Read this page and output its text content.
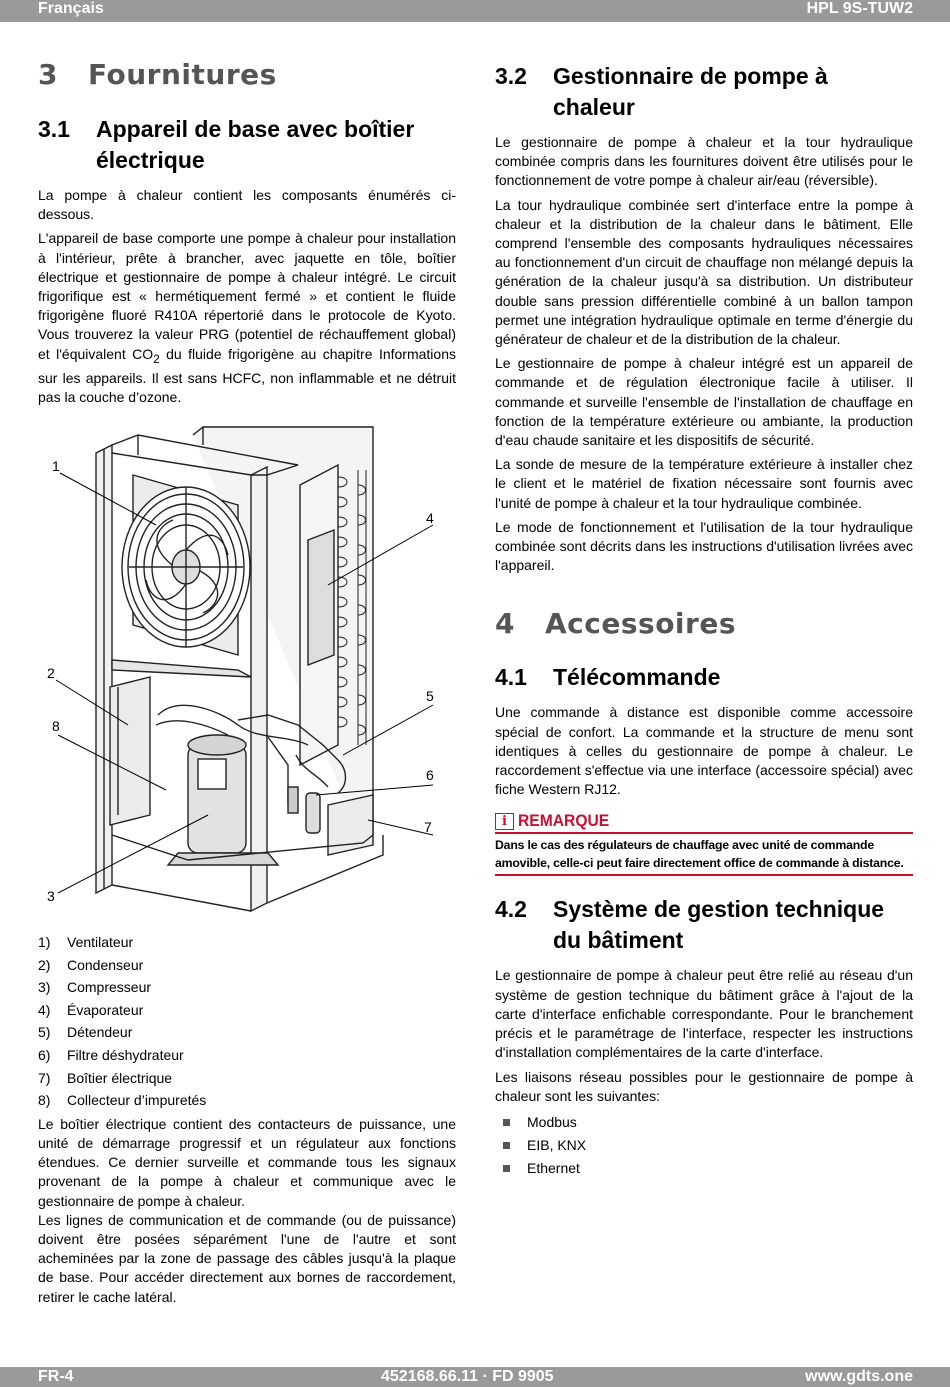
Français	HPL 9S-TUW2
3 Fournitures
3.1	Appareil de base avec boîtier électrique

La pompe à chaleur contient les composants énumérés ci-dessous.

L'appareil de base comporte une pompe à chaleur pour installation à l'intérieur, prête à brancher, avec jaquette en tôle, boîtier électrique et gestionnaire de pompe à chaleur intégré. Le circuit frigorifique est « hermétiquement fermé » et contient le fluide frigorigène fluoré R410A répertorié dans le protocole de Kyoto. Vous trouverez la valeur PRG (potentiel de réchauffement global) et l'équivalent $CO_2$ du fluide frigorigène au chapitre Informations sur les appareils. Il est sans HCFC, non inflammable et ne détruit pas la couche d’ozone.

1
2
8
3
4
5
6
7
1)	Ventilateur
2)	Condenseur
3)	Compresseur
4)	Évaporateur
5)	Détendeur
6)	Filtre déshydrateur
7)	Boîtier électrique
8)	Collecteur d’impuretés

Le boîtier électrique contient des contacteurs de puissance, une unité de démarrage progressif et un régulateur aux fonctions étendues. Ce dernier surveille et commande tous les signaux provenant de la pompe à chaleur et communique avec le gestionnaire de pompe à chaleur.

Les lignes de communication et de commande (ou de puissance) doivent être posées séparément l'une de l'autre et sont acheminées par la zone de passage des câbles jusqu'à la plaque de base. Pour accéder directement aux bornes de raccordement, retirer le cache latéral.

3.2	Gestionnaire de pompe à chaleur

Le gestionnaire de pompe à chaleur et la tour hydraulique combinée compris dans les fournitures doivent être utilisés pour le fonctionnement de votre pompe à chaleur air/eau (réversible).

La tour hydraulique combinée sert d'interface entre la pompe à chaleur et la distribution de la chaleur dans le bâtiment. Elle comprend l'ensemble des composants hydrauliques nécessaires au fonctionnement d'un circuit de chauffage non mélangé depuis la génération de la chaleur jusqu'à sa distribution. Un distributeur double sans pression différentielle combiné à un ballon tampon permet une intégration hydraulique optimale en terme d'énergie du générateur de chaleur et de la distribution de la chaleur.

Le gestionnaire de pompe à chaleur intégré est un appareil de commande et de régulation électronique facile à utiliser. Il commande et surveille l'ensemble de l'installation de chauffage en fonction de la température extérieure ou ambiante, la production d'eau chaude sanitaire et les dispositifs de sécurité.

La sonde de mesure de la température extérieure à installer chez le client et le matériel de fixation nécessaire sont fournis avec l'unité de pompe à chaleur et la tour hydraulique combinée.

Le mode de fonctionnement et l'utilisation de la tour hydraulique combinée sont décrits dans les instructions d'utilisation livrées avec l'appareil.

4 Accessoires
4.1	Télécommande

Une commande à distance est disponible comme accessoire spécial de confort. La commande et la structure de menu sont identiques à celles du gestionnaire de pompe à chaleur. Le raccordement s'effectue via une interface (accessoire spécial) avec fiche Western RJ12.

i REMARQUE
Dans le cas des régulateurs de chauffage avec unité de commande amovible, celle-ci peut faire directement office de commande à distance.
4.2	Système de gestion technique du bâtiment

Le gestionnaire de pompe à chaleur peut être relié au réseau d'un système de gestion technique du bâtiment grâce à l'ajout de la carte d'interface enfichable correspondante. Pour le branchement précis et le paramétrage de l'interface, respecter les instructions d'installation complémentaires de la carte d'interface.

Les liaisons réseau possibles pour le gestionnaire de pompe à chaleur sont les suivantes:

Modbus
EIB, KNX
Ethernet
FR-4	452168.66.11 · FD 9905	www.gdts.one
